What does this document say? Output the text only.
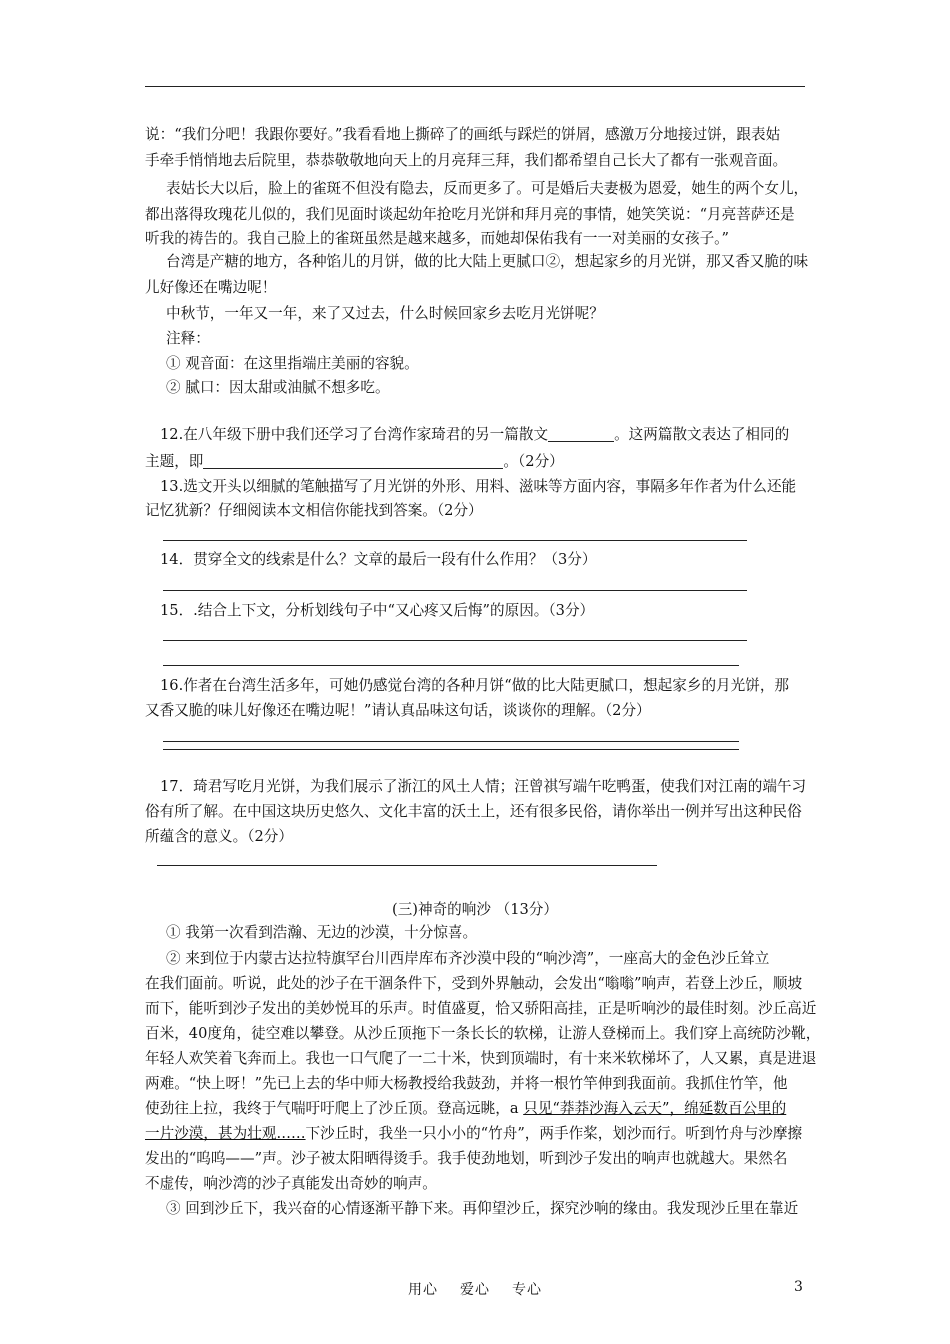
说：“我们分吧！我跟你要好。”我看看地上撕碎了的画纸与踩烂的饼屑，感激万分地接过饼，跟表姑
手牵手悄悄地去后院里，恭恭敬敬地向天上的月亮拜三拜，我们都希望自己长大了都有一张观音面。
表姑长大以后，脸上的雀斑不但没有隐去，反而更多了。可是婚后夫妻极为恩爱，她生的两个女儿，
都出落得玫瑰花儿似的，我们见面时谈起幼年抢吃月光饼和拜月亮的事情，她笑笑说：“月亮菩萨还是
听我的祷告的。我自己脸上的雀斑虽然是越来越多，而她却保佑我有一一对美丽的女孩子。”
台湾是产糖的地方，各种馅儿的月饼，做的比大陆上更腻口②，想起家乡的月光饼，那又香又脆的味
儿好像还在嘴边呢！
中秋节，一年又一年，来了又过去，什么时候回家乡去吃月光饼呢？
注释：
① 观音面：在这里指端庄美丽的容貌。
② 腻口：因太甜或油腻不想多吃。
12.在八年级下册中我们还学习了台湾作家琦君的另一篇散文	。这两篇散文表达了相同的
主题，即	。（2分）
13.选文开头以细腻的笔触描写了月光饼的外形、用料、滋味等方面内容，事隔多年作者为什么还能
记忆犹新？仔细阅读本文相信你能找到答案。（2分）
14．贯穿全文的线索是什么？文章的最后一段有什么作用？（3分）
15．.结合上下文，分析划线句子中“又心疼又后悔”的原因。（3分）
16.作者在台湾生活多年，可她仍感觉台湾的各种月饼“做的比大陆更腻口，想起家乡的月光饼，那
又香又脆的味儿好像还在嘴边呢！”请认真品味这句话，谈谈你的理解。（2分）
17．琦君写吃月光饼，为我们展示了浙江的风土人情；汪曾祺写端午吃鸭蛋，使我们对江南的端午习
俗有所了解。在中国这块历史悠久、文化丰富的沃土上，还有很多民俗，请你举出一例并写出这种民俗
所蕴含的意义。（2分）
(三)神奇的响沙 （13分）
① 我第一次看到浩瀚、无边的沙漠，十分惊喜。
② 来到位于内蒙古达拉特旗罕台川西岸库布齐沙漠中段的“响沙湾”，一座高大的金色沙丘耸立
在我们面前。听说，此处的沙子在干涸条件下，受到外界触动，会发出“嗡嗡”响声，若登上沙丘，顺坡
而下，能听到沙子发出的美妙悦耳的乐声。时值盛夏，恰又骄阳高挂，正是听响沙的最佳时刻。沙丘高近
百米，40度角，徒空难以攀登。从沙丘顶拖下一条长长的软梯，让游人登梯而上。我们穿上高统防沙靴，
年轻人欢笑着飞奔而上。我也一口气爬了一二十米，快到顶端时，有十来米软梯坏了，人又累，真是进退
两难。“快上呀！”先已上去的华中师大杨教授给我鼓劲，并将一根竹竿伸到我面前。我抓住竹竿，他
使劲往上拉，我终于气喘吁吁爬上了沙丘顶。登高远眺，a 只见“莽莽沙海入云天”，绵延数百公里的
一片沙漠，甚为壮观……下沙丘时，我坐一只小小的“竹舟”，两手作桨，划沙而行。听到竹舟与沙摩擦
发出的“呜呜——”声。沙子被太阳晒得烫手。我手使劲地划，听到沙子发出的响声也就越大。果然名
不虚传，响沙湾的沙子真能发出奇妙的响声。
③ 回到沙丘下，我兴奋的心情逐渐平静下来。再仰望沙丘，探究沙响的缘由。我发现沙丘里在靠近
用心 爱心 专心	3
